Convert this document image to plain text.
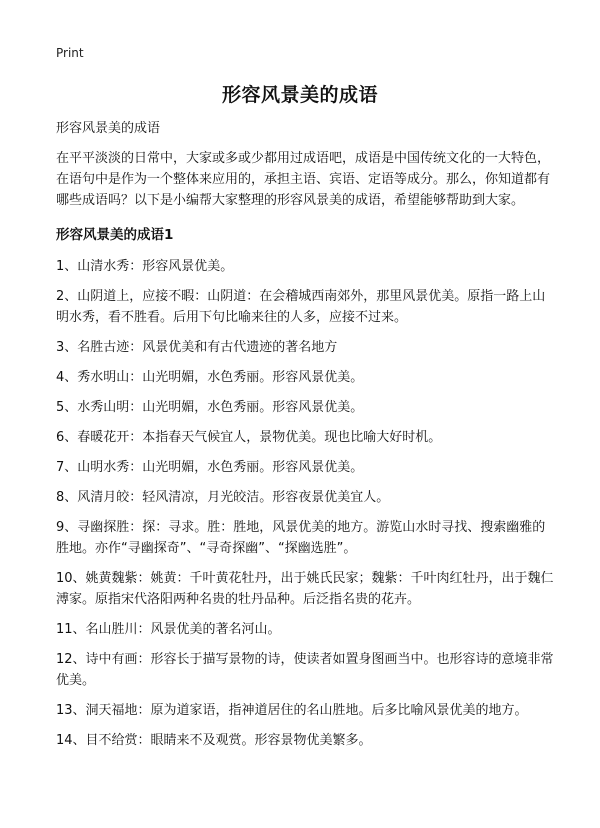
Print
形容风景美的成语

形容风景美的成语

在平平淡淡的日常中，大家或多或少都用过成语吧，成语是中国传统文化的一大特色，在语句中是作为一个整体来应用的，承担主语、宾语、定语等成分。那么，你知道都有哪些成语吗？以下是小编帮大家整理的形容风景美的成语，希望能够帮助到大家。

形容风景美的成语1

1、山清水秀：形容风景优美。
2、山阴道上，应接不暇：山阴道：在会稽城西南郊外，那里风景优美。原指一路上山明水秀，看不胜看。后用下句比喻来往的人多，应接不过来。
3、名胜古迹：风景优美和有古代遗迹的著名地方
4、秀水明山：山光明媚，水色秀丽。形容风景优美。
5、水秀山明：山光明媚，水色秀丽。形容风景优美。
6、春暖花开：本指春天气候宜人，景物优美。现也比喻大好时机。
7、山明水秀：山光明媚，水色秀丽。形容风景优美。
8、风清月皎：轻风清凉，月光皎洁。形容夜景优美宜人。
9、寻幽探胜：探：寻求。胜：胜地，风景优美的地方。游览山水时寻找、搜索幽雅的胜地。亦作“寻幽探奇”、“寻奇探幽”、“探幽选胜”。
10、姚黄魏紫：姚黄：千叶黄花牡丹，出于姚氏民家；魏紫：千叶肉红牡丹，出于魏仁溥家。原指宋代洛阳两种名贵的牡丹品种。后泛指名贵的花卉。
11、名山胜川：风景优美的著名河山。
12、诗中有画：形容长于描写景物的诗，使读者如置身图画当中。也形容诗的意境非常优美。
13、洞天福地：原为道家语，指神道居住的名山胜地。后多比喻风景优美的地方。
14、目不给赏：眼睛来不及观赏。形容景物优美繁多。
